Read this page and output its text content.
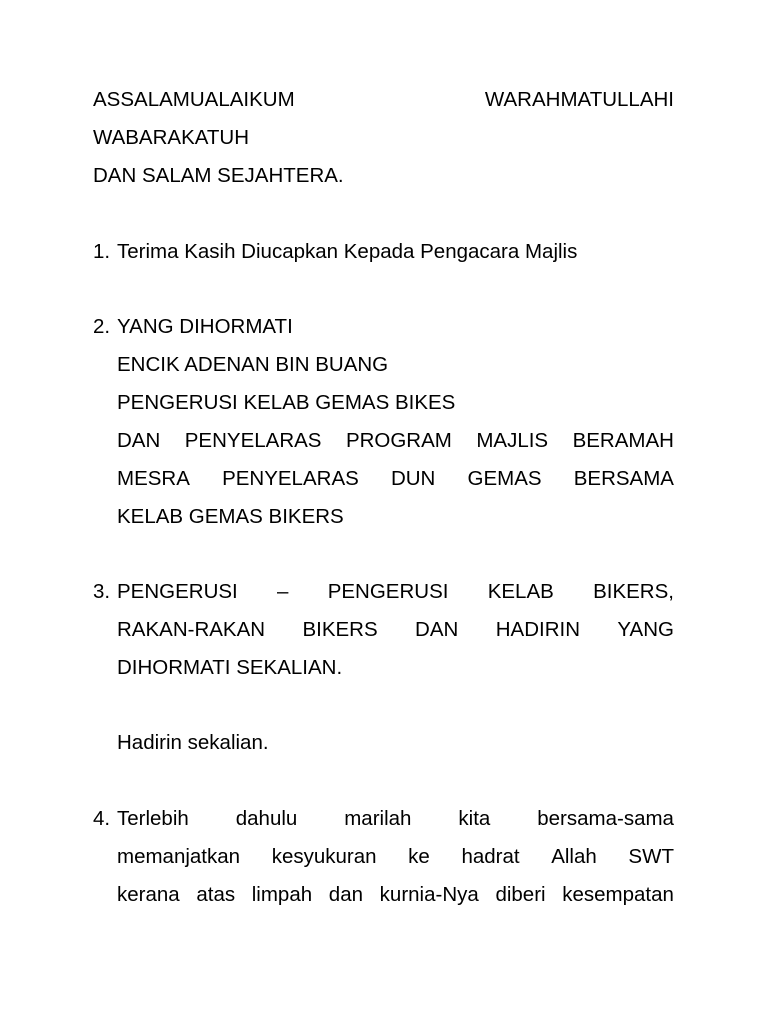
ASSALAMUALAIKUM	WARAHMATULLAHI
WABARAKATUH
DAN SALAM SEJAHTERA.
1. Terima Kasih Diucapkan Kepada Pengacara Majlis
2. YANG DIHORMATI
ENCIK ADENAN BIN BUANG
PENGERUSI KELAB GEMAS BIKES
DAN PENYELARAS PROGRAM MAJLIS BERAMAH
MESRA PENYELARAS DUN GEMAS BERSAMA
KELAB GEMAS BIKERS
3. PENGERUSI – PENGERUSI KELAB BIKERS,
RAKAN-RAKAN BIKERS DAN HADIRIN YANG
DIHORMATI SEKALIAN.
Hadirin sekalian.
4. Terlebih dahulu marilah kita bersama-sama
memanjatkan kesyukuran ke hadrat Allah SWT
kerana atas limpah dan kurnia-Nya diberi kesempatan
